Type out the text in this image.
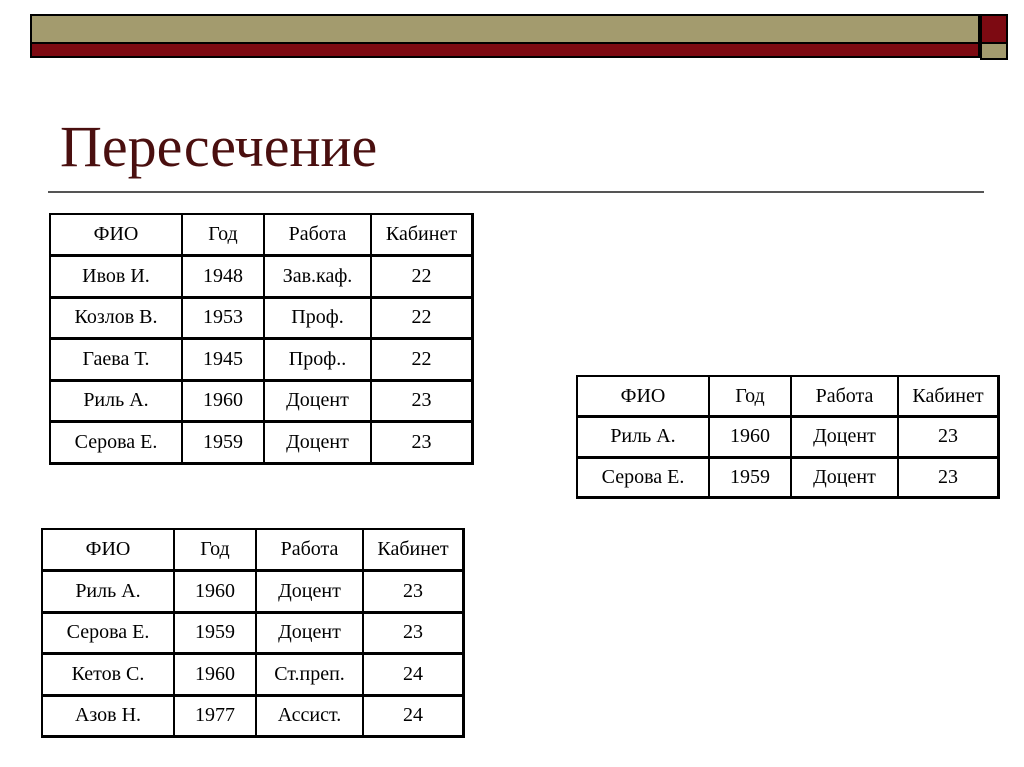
Пересечение
ФИО	Год	Работа	Кабинет
Ивов И.	1948	Зав.каф.	22
Козлов В.	1953	Проф.	22
Гаева Т.	1945	Проф..	22
Риль А.	1960	Доцент	23
Серова Е.	1959	Доцент	23
ФИО	Год	Работа	Кабинет
Риль А.	1960	Доцент	23
Серова Е.	1959	Доцент	23
ФИО	Год	Работа	Кабинет
Риль А.	1960	Доцент	23
Серова Е.	1959	Доцент	23
Кетов С.	1960	Ст.преп.	24
Азов Н.	1977	Ассист.	24
